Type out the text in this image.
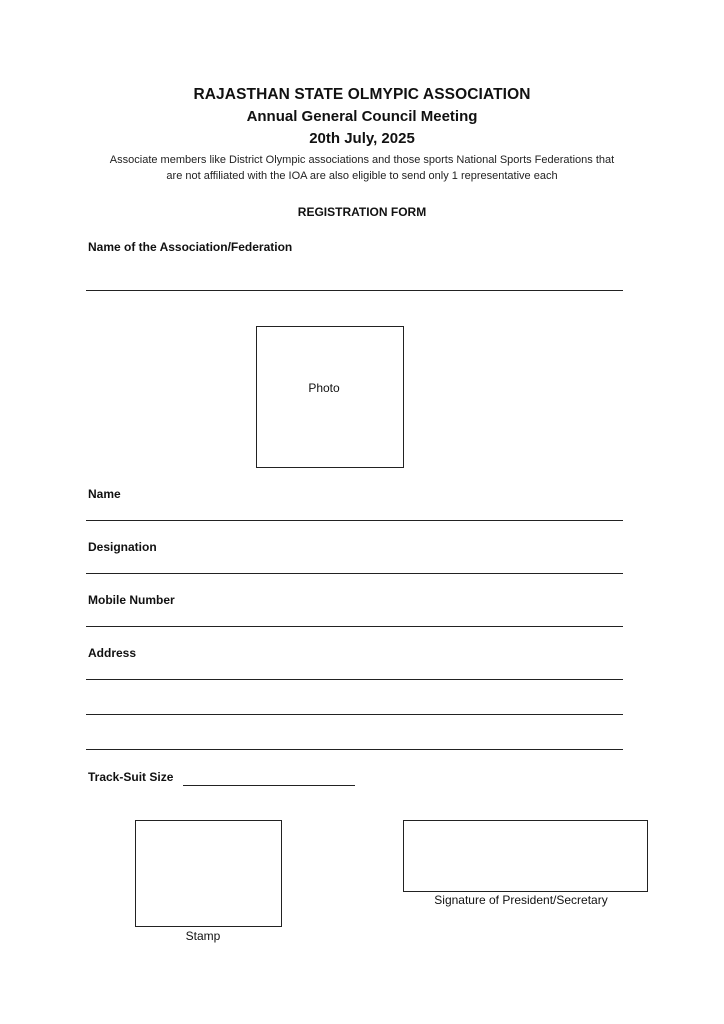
RAJASTHAN STATE OLMYPIC ASSOCIATION
Annual General Council Meeting
20th July, 2025
Associate members like District Olympic associations and those sports National Sports Federations that
are not affiliated with the IOA are also eligible to send only 1 representative each
REGISTRATION FORM
Name of the Association/Federation
Photo
Name
Designation
Mobile Number
Address
Track-Suit Size
Stamp
Signature of President/Secretary
